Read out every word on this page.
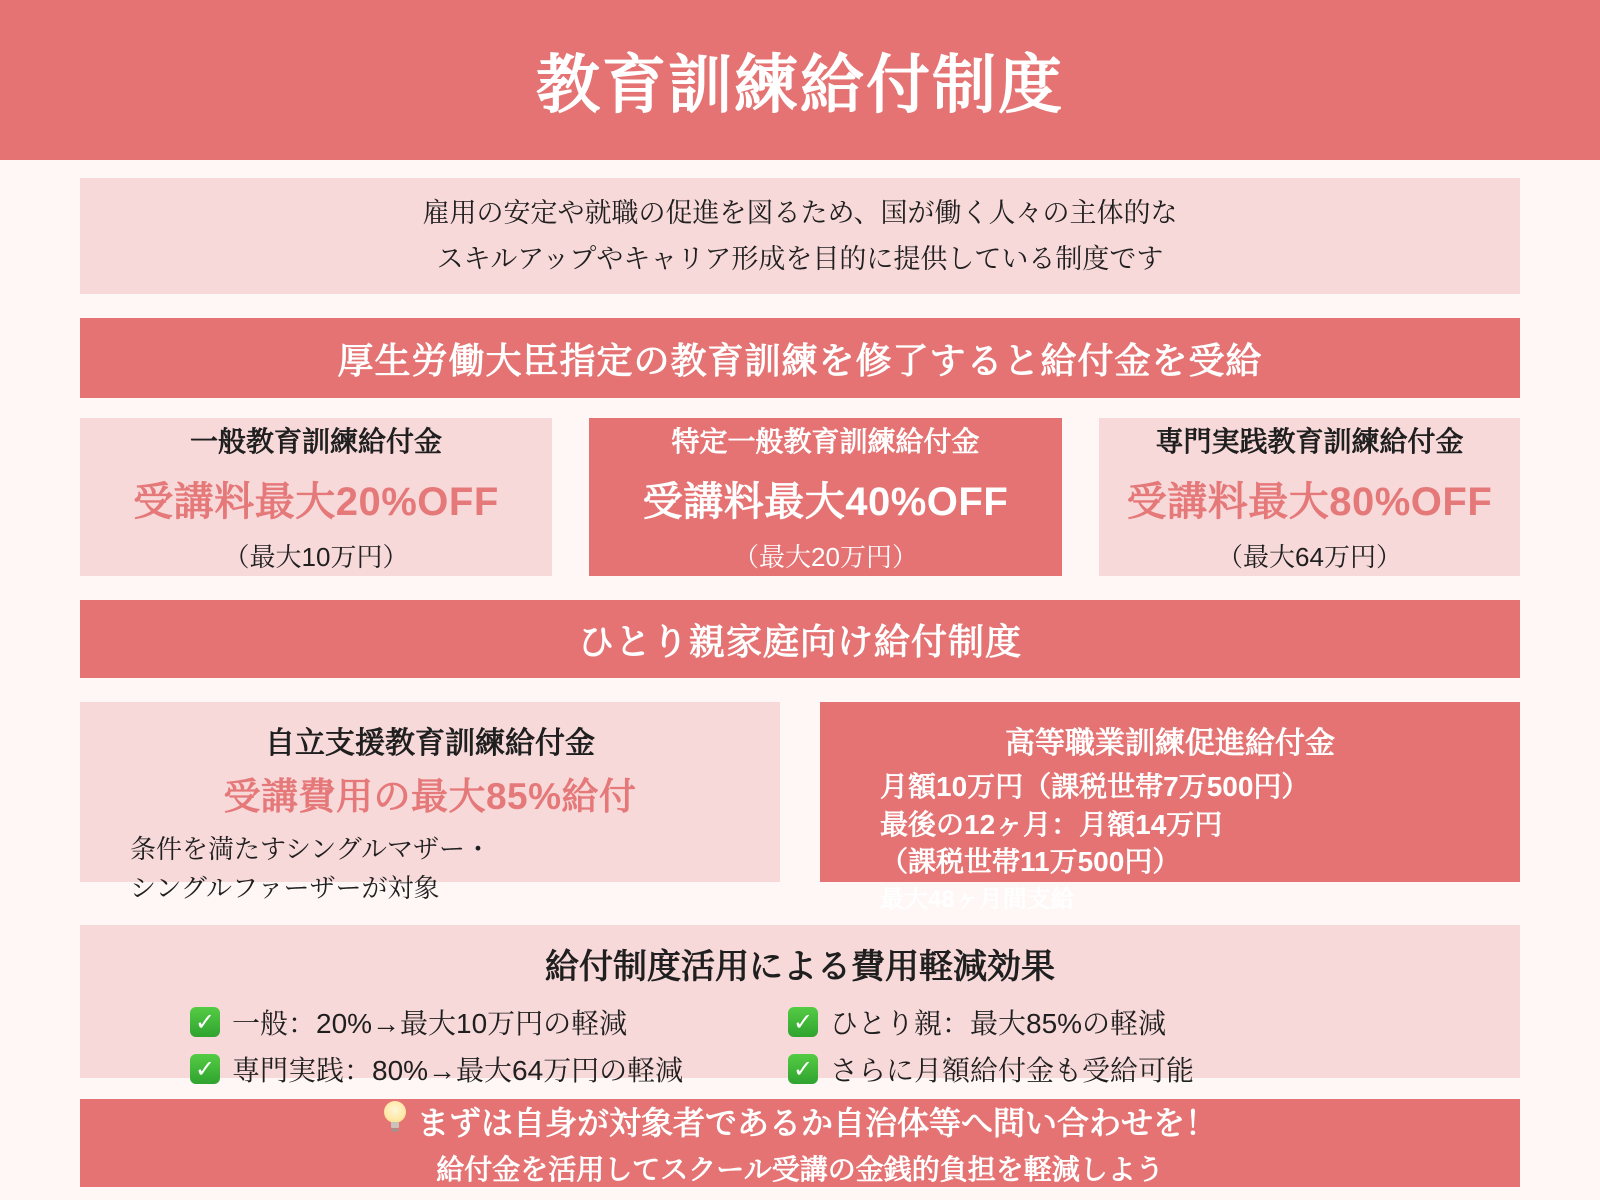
教育訓練給付制度
雇用の安定や就職の促進を図るため、国が働く人々の主体的な
スキルアップやキャリア形成を目的に提供している制度です
厚生労働大臣指定の教育訓練を修了すると給付金を受給
一般教育訓練給付金
受講料最大20%OFF
（最大10万円）
特定一般教育訓練給付金
受講料最大40%OFF
（最大20万円）
専門実践教育訓練給付金
受講料最大80%OFF
（最大64万円）
ひとり親家庭向け給付制度
自立支援教育訓練給付金
受講費用の最大85%給付
条件を満たすシングルマザー・
シングルファーザーが対象
高等職業訓練促進給付金
月額10万円（課税世帯7万500円）
最後の12ヶ月：月額14万円
（課税世帯11万500円）
最大48ヶ月間支給
給付制度活用による費用軽減効果
✓ 一般：20%→最大10万円の軽減
✓ 専門実践：80%→最大64万円の軽減
✓ ひとり親：最大85%の軽減
✓ さらに月額給付金も受給可能
まずは自身が対象者であるか自治体等へ問い合わせを！
給付金を活用してスクール受講の金銭的負担を軽減しよう
